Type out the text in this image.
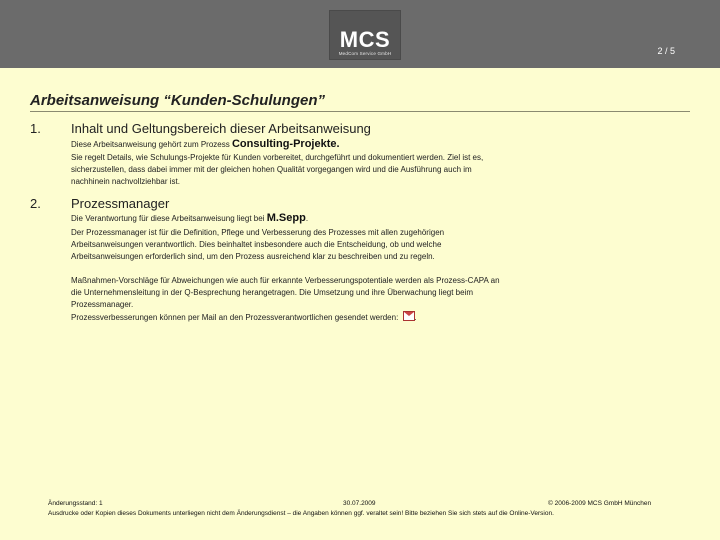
MCS
MedCom Service GmbH	2 / 5
Arbeitsanweisung “Kunden-Schulungen”
1. Inhalt und Geltungsbereich dieser Arbeitsanweisung
Diese Arbeitsanweisung gehört zum Prozess Consulting-Projekte.
Sie regelt Details, wie Schulungs-Projekte für Kunden vorbereitet, durchgeführt und dokumentiert werden. Ziel ist es,
sicherzustellen, dass dabei immer mit der gleichen hohen Qualität vorgegangen wird und die Ausführung auch im
nachhinein nachvollziehbar ist.
2. Prozessmanager
Die Verantwortung für diese Arbeitsanweisung liegt bei M.Sepp.
Der Prozessmanager ist für die Definition, Pflege und Verbesserung des Prozesses mit allen zugehörigen
Arbeitsanweisungen verantwortlich. Dies beinhaltet insbesondere auch die Entscheidung, ob und welche
Arbeitsanweisungen erforderlich sind, um den Prozess ausreichend klar zu beschreiben und zu regeln.
Maßnahmen-Vorschläge für Abweichungen wie auch für erkannte Verbesserungspotentiale werden als Prozess-CAPA an
die Unternehmensleitung in der Q-Besprechung herangetragen. Die Umsetzung und ihre Überwachung liegt beim
Prozessmanager.
Prozessverbesserungen können per Mail an den Prozessverantwortlichen gesendet werden: .
Änderungsstand: 1	30.07.2009	© 2006-2009 MCS GmbH München
Ausdrucke oder Kopien dieses Dokuments unterliegen nicht dem Änderungsdienst – die Angaben können ggf. veraltet sein! Bitte beziehen Sie sich stets auf die Online-Version.
